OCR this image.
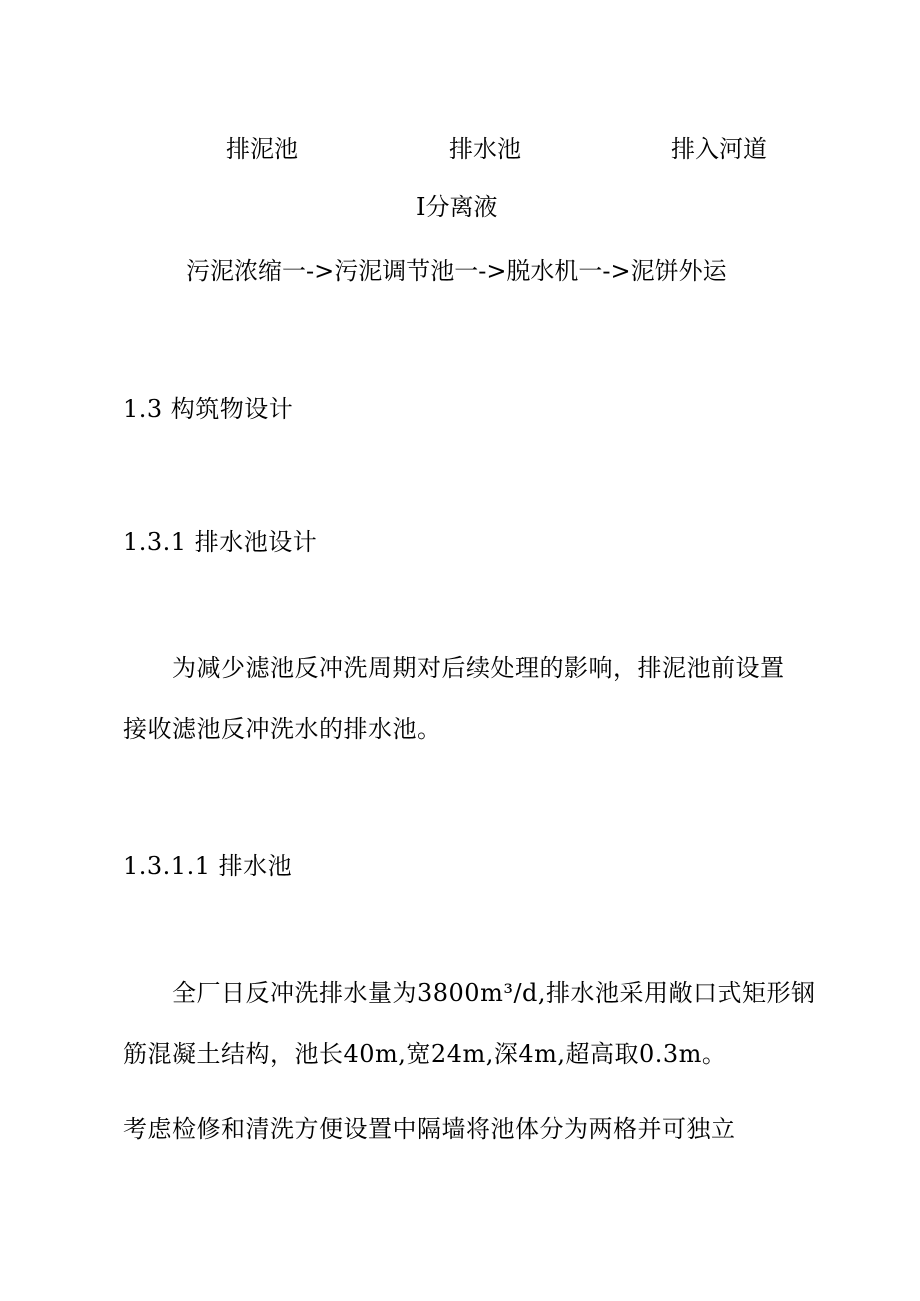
排泥池	排水池	排入河道
I分离液
污泥浓缩一->污泥调节池一->脱水机一->泥饼外运
1.3 构筑物设计
1.3.1 排水池设计
为减少滤池反冲洗周期对后续处理的影响，排泥池前设置
接收滤池反冲洗水的排水池。
1.3.1.1 排水池
全厂日反冲洗排水量为3800m³/d,排水池采用敞口式矩形钢
筋混凝土结构，池长40m,宽24m,深4m,超高取0.3m。
考虑检修和清洗方便设置中隔墙将池体分为两格并可独立
